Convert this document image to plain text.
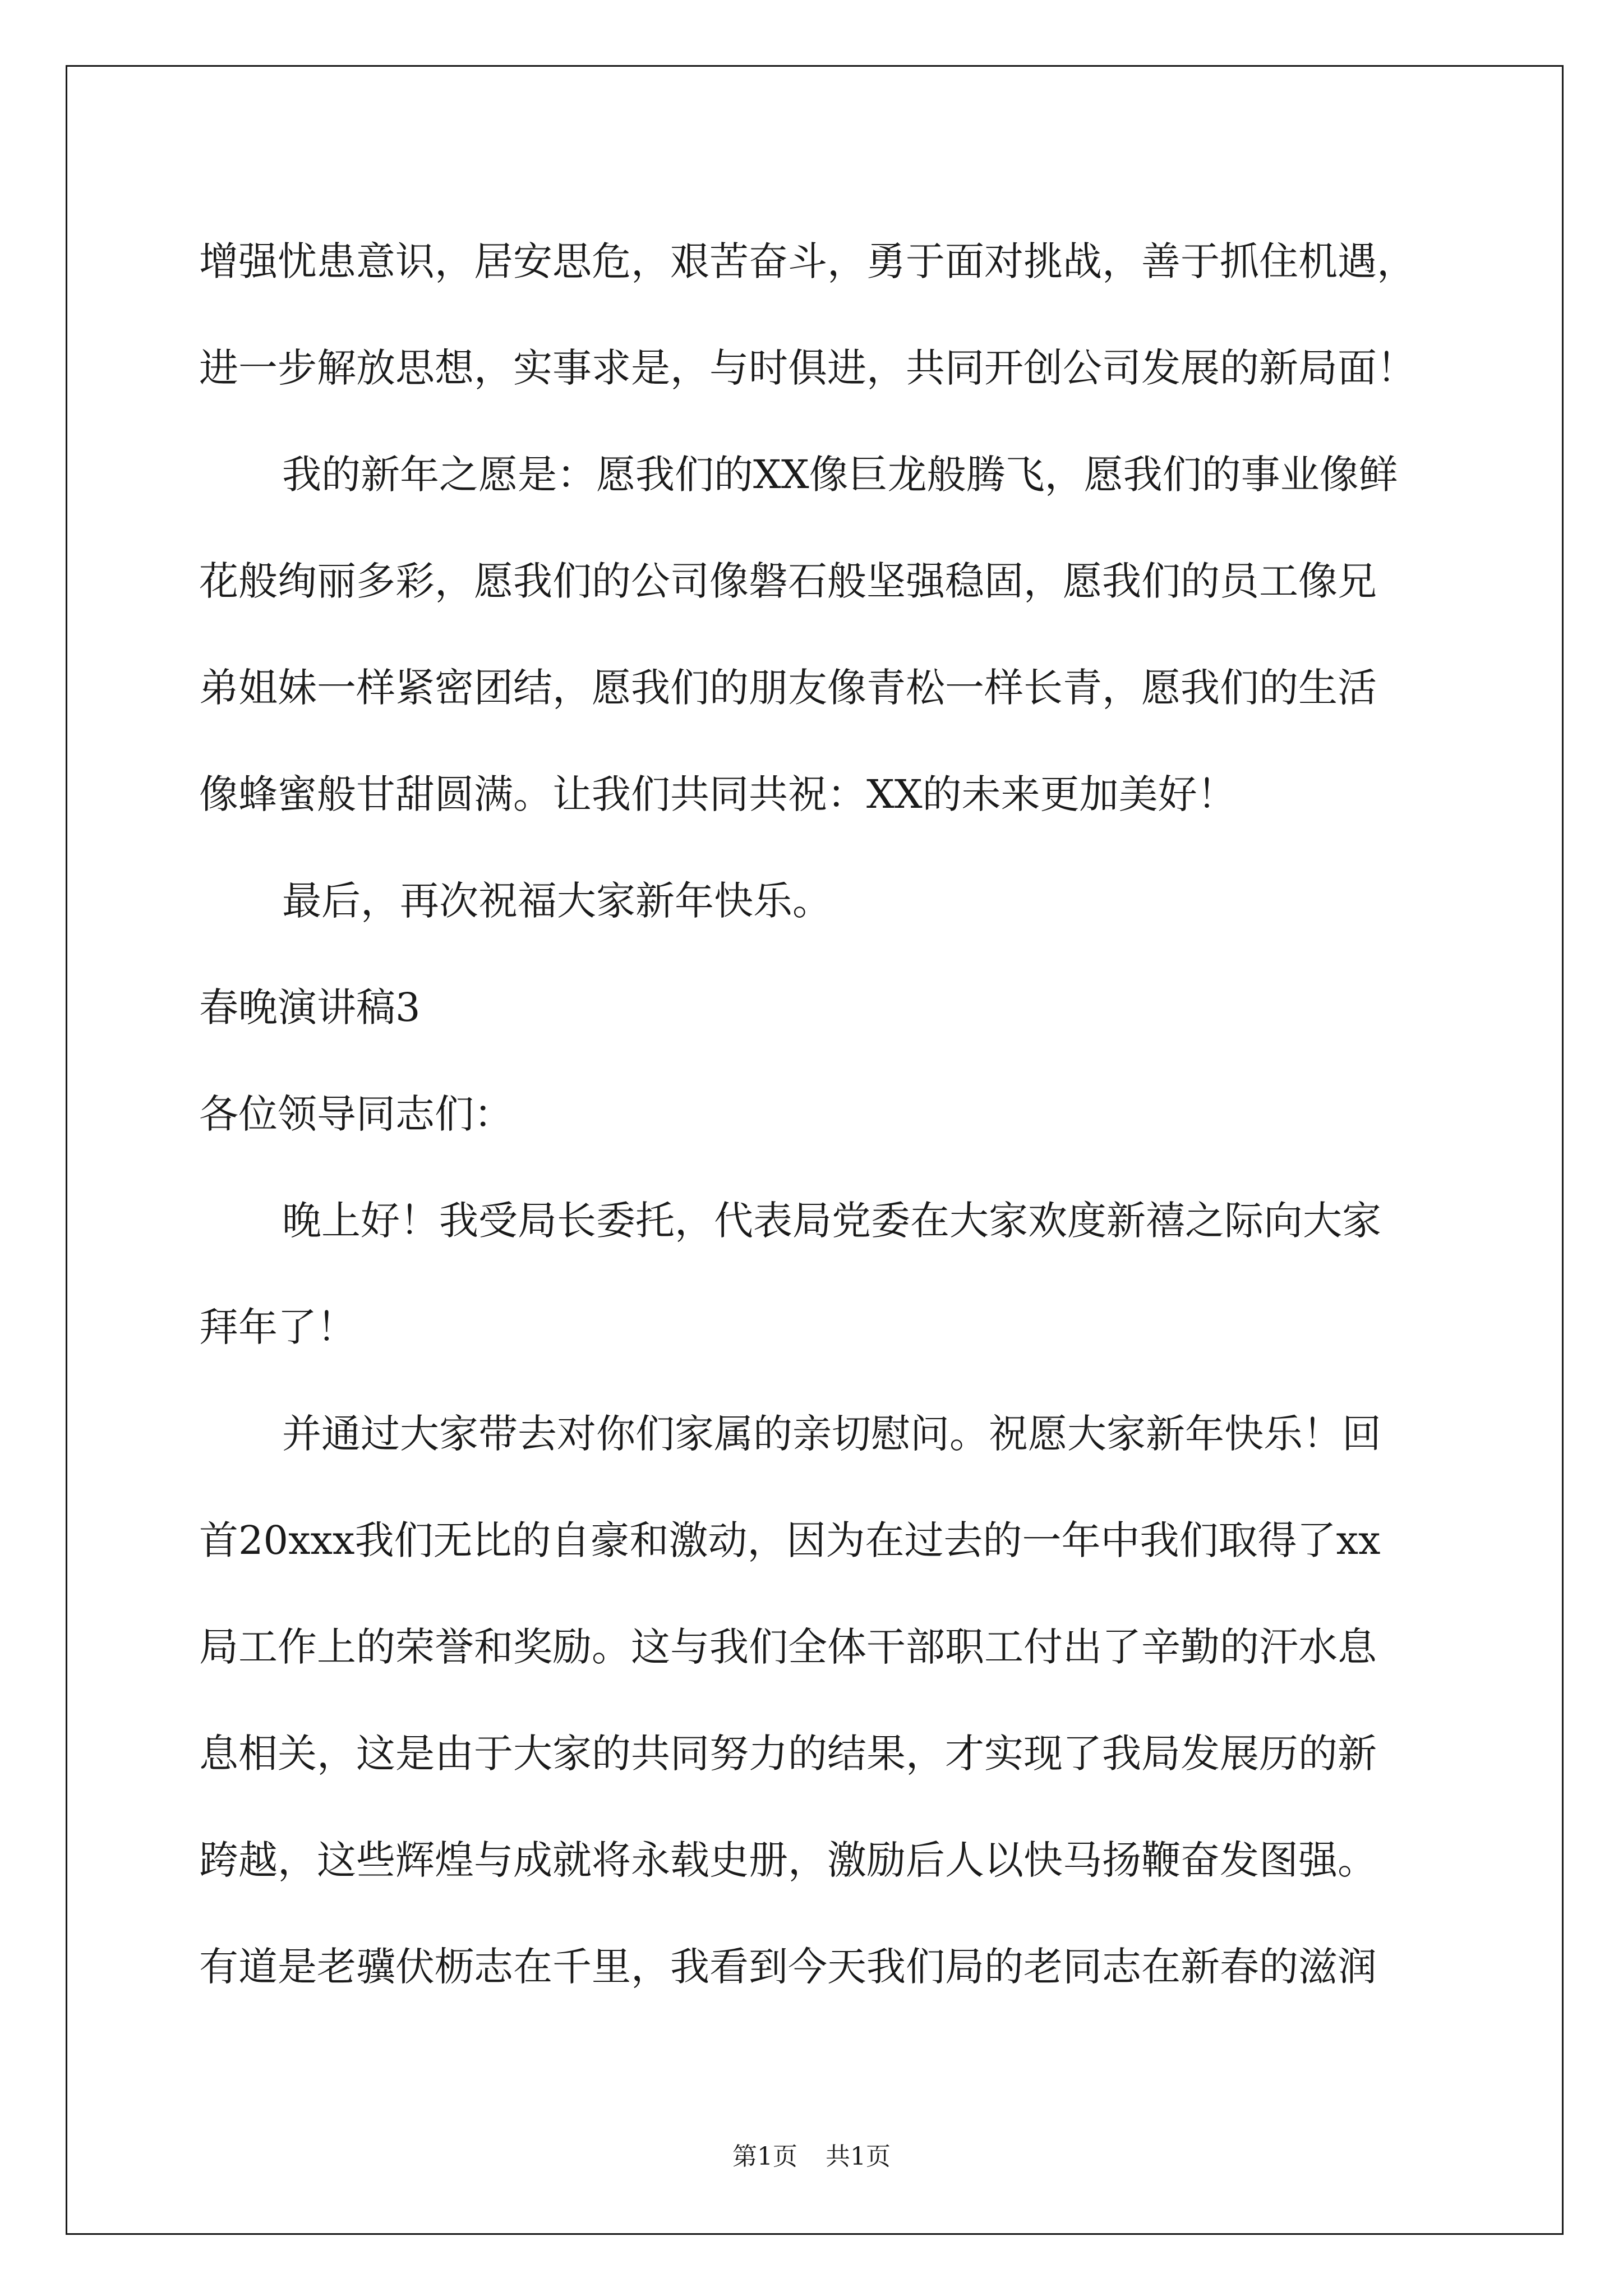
增强忧患意识，居安思危，艰苦奋斗，勇于面对挑战，善于抓住机遇，
进一步解放思想，实事求是，与时俱进，共同开创公司发展的新局面！
我的新年之愿是：愿我们的XX像巨龙般腾飞，愿我们的事业像鲜
花般绚丽多彩，愿我们的公司像磐石般坚强稳固，愿我们的员工像兄
弟姐妹一样紧密团结，愿我们的朋友像青松一样长青，愿我们的生活
像蜂蜜般甘甜圆满。让我们共同共祝：XX的未来更加美好！
最后，再次祝福大家新年快乐。
春晚演讲稿3
各位领导同志们：
晚上好！我受局长委托，代表局党委在大家欢度新禧之际向大家
拜年了！
并通过大家带去对你们家属的亲切慰问。祝愿大家新年快乐！回
首20xxx我们无比的自豪和激动，因为在过去的一年中我们取得了xx
局工作上的荣誉和奖励。这与我们全体干部职工付出了辛勤的汗水息
息相关，这是由于大家的共同努力的结果，才实现了我局发展历的新
跨越，这些辉煌与成就将永载史册，激励后人以快马扬鞭奋发图强。
有道是老骥伏枥志在千里，我看到今天我们局的老同志在新春的滋润
第1页 共1页
